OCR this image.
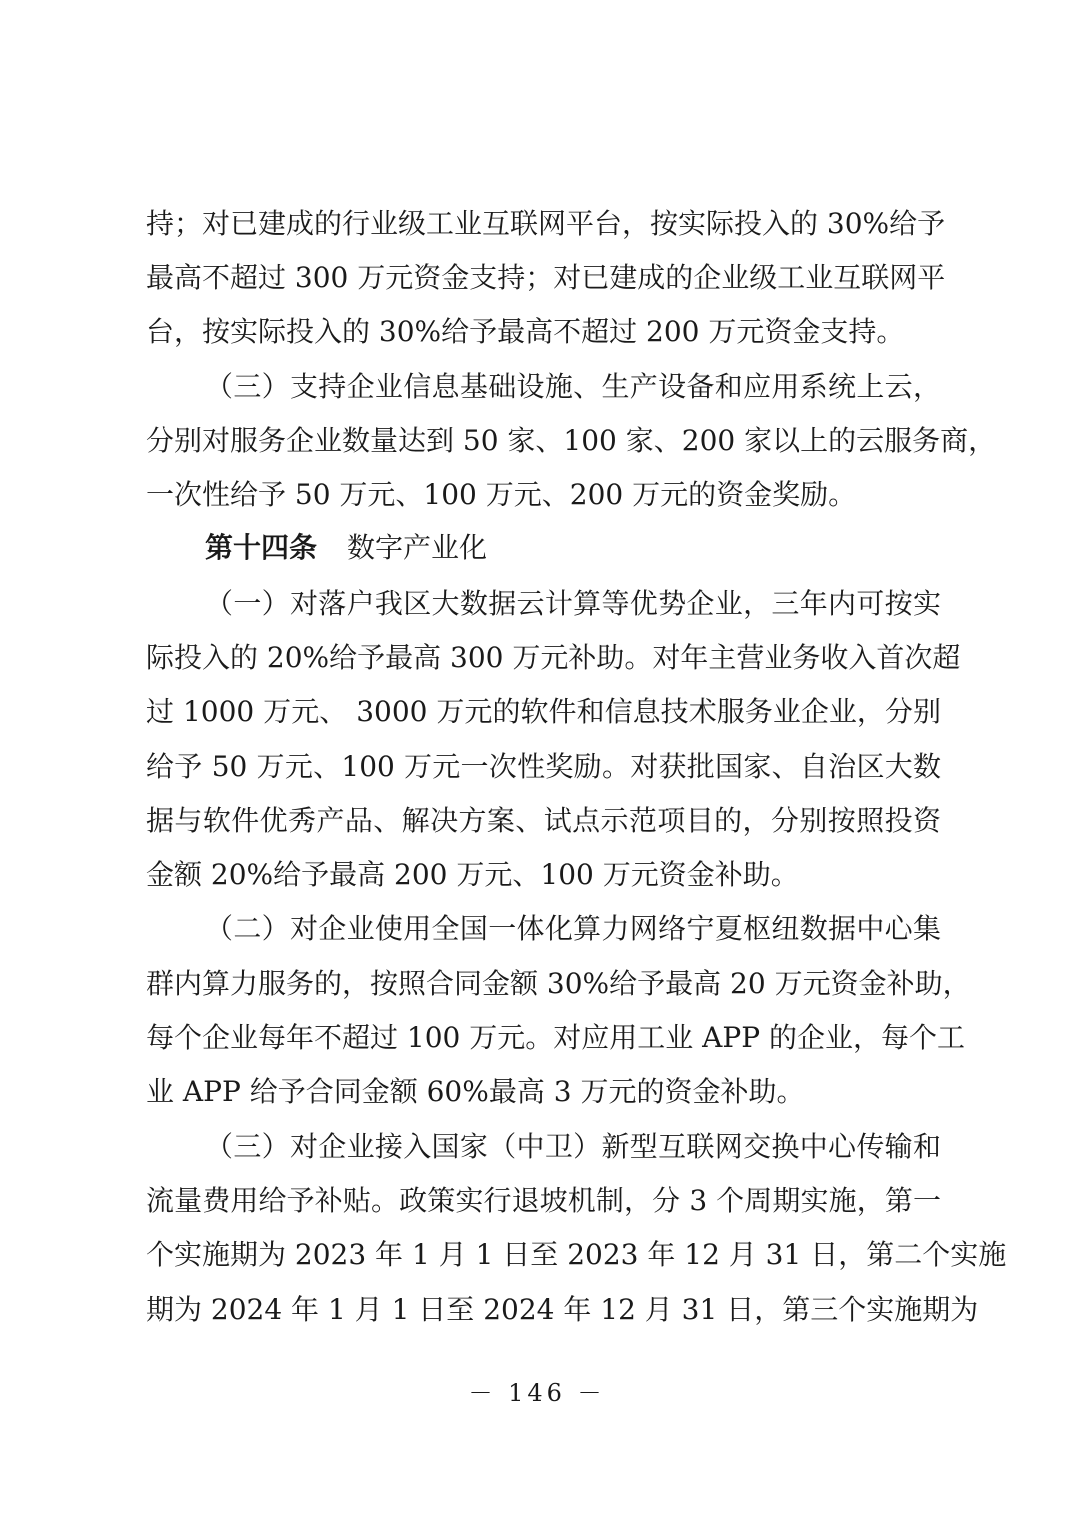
持；对已建成的行业级工业互联网平台，按实际投入的 30%给予
最高不超过 300 万元资金支持；对已建成的企业级工业互联网平
台，按实际投入的 30%给予最高不超过 200 万元资金支持。
（三）支持企业信息基础设施、生产设备和应用系统上云，
分别对服务企业数量达到 50 家、100 家、200 家以上的云服务商，
一次性给予 50 万元、100 万元、200 万元的资金奖励。
第十四条 数字产业化
（一）对落户我区大数据云计算等优势企业，三年内可按实
际投入的 20%给予最高 300 万元补助。对年主营业务收入首次超
过 1000 万元、 3000 万元的软件和信息技术服务业企业，分别
给予 50 万元、100 万元一次性奖励。对获批国家、自治区大数
据与软件优秀产品、解决方案、试点示范项目的，分别按照投资
金额 20%给予最高 200 万元、100 万元资金补助。
（二）对企业使用全国一体化算力网络宁夏枢纽数据中心集
群内算力服务的，按照合同金额 30%给予最高 20 万元资金补助，
每个企业每年不超过 100 万元。对应用工业 APP 的企业，每个工
业 APP 给予合同金额 60%最高 3 万元的资金补助。
（三）对企业接入国家（中卫）新型互联网交换中心传输和
流量费用给予补贴。政策实行退坡机制，分 3 个周期实施，第一
个实施期为 2023 年 1 月 1 日至 2023 年 12 月 31 日，第二个实施
期为 2024 年 1 月 1 日至 2024 年 12 月 31 日，第三个实施期为
－ 146 －
